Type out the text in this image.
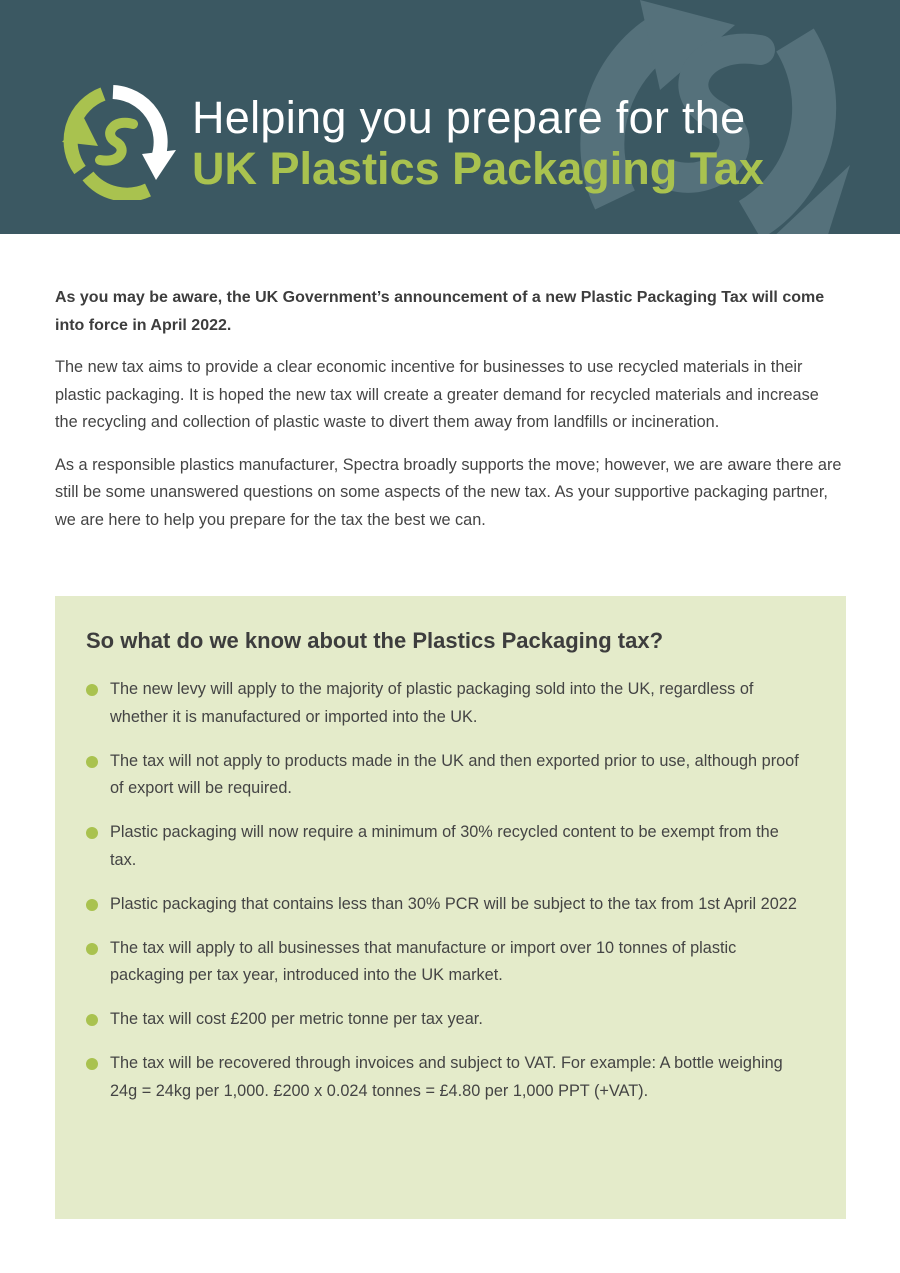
Helping you prepare for the
UK Plastics Packaging Tax

As you may be aware, the UK Government’s announcement of a new Plastic Packaging Tax will come into force in April 2022.

The new tax aims to provide a clear economic incentive for businesses to use recycled materials in their plastic packaging. It is hoped the new tax will create a greater demand for recycled materials and increase the recycling and collection of plastic waste to divert them away from landfills or incineration.

As a responsible plastics manufacturer, Spectra broadly supports the move; however, we are aware there are still be some unanswered questions on some aspects of the new tax. As your supportive packaging partner, we are here to help you prepare for the tax the best we can.

So what do we know about the Plastics Packaging tax?
The new levy will apply to the majority of plastic packaging sold into the UK, regardless of whether it is manufactured or imported into the UK.
The tax will not apply to products made in the UK and then exported prior to use, although proof of export will be required.
Plastic packaging will now require a minimum of 30% recycled content to be exempt from the tax.
Plastic packaging that contains less than 30% PCR will be subject to the tax from 1st April 2022
The tax will apply to all businesses that manufacture or import over 10 tonnes of plastic packaging per tax year, introduced into the UK market.
The tax will cost £200 per metric tonne per tax year.
The tax will be recovered through invoices and subject to VAT. For example: A bottle weighing 24g = 24kg per 1,000. £200 x 0.024 tonnes = £4.80 per 1,000 PPT (+VAT).
